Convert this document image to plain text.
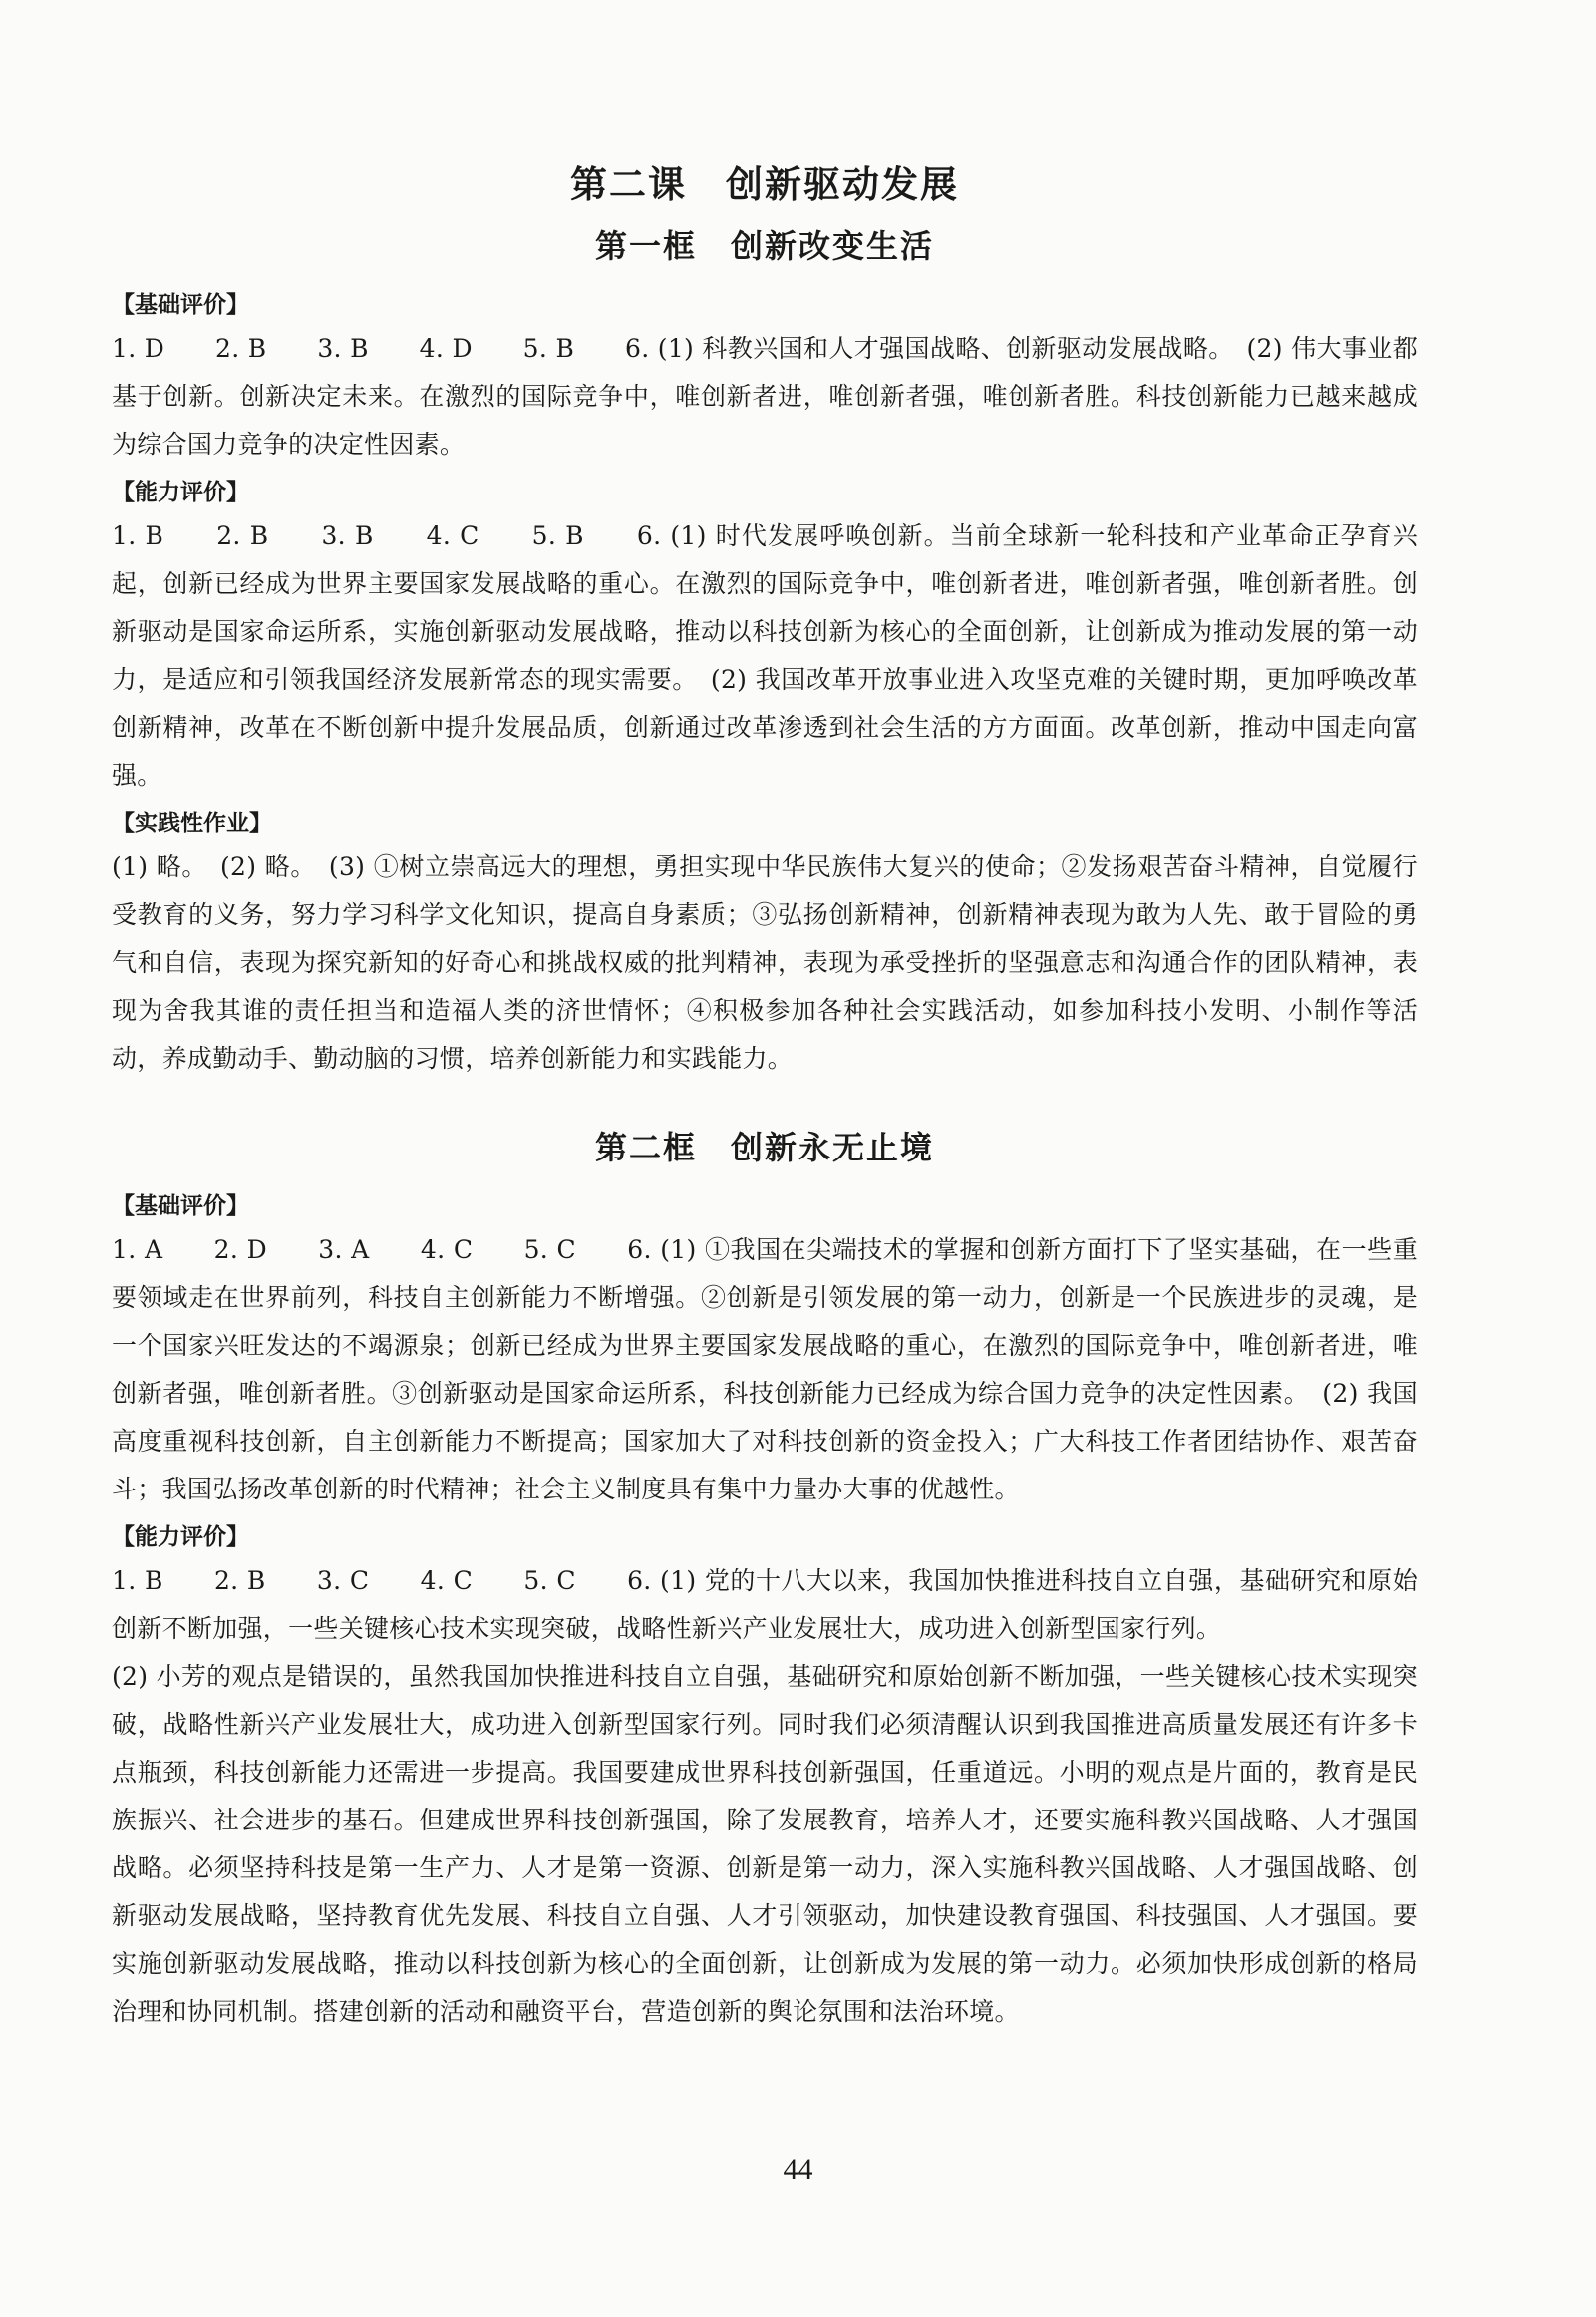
第二课　创新驱动发展
第一框　创新改变生活
【基础评价】

1. D　　2. B　　3. B　　4. D　　5. B　　6. (1) 科教兴国和人才强国战略、创新驱动发展战略。　(2) 伟大事业都基于创新。创新决定未来。在激烈的国际竞争中，唯创新者进，唯创新者强，唯创新者胜。科技创新能力已越来越成为综合国力竞争的决定性因素。

【能力评价】

1. B　　2. B　　3. B　　4. C　　5. B　　6. (1) 时代发展呼唤创新。当前全球新一轮科技和产业革命正孕育兴起，创新已经成为世界主要国家发展战略的重心。在激烈的国际竞争中，唯创新者进，唯创新者强，唯创新者胜。创新驱动是国家命运所系，实施创新驱动发展战略，推动以科技创新为核心的全面创新，让创新成为推动发展的第一动力，是适应和引领我国经济发展新常态的现实需要。　(2) 我国改革开放事业进入攻坚克难的关键时期，更加呼唤改革创新精神，改革在不断创新中提升发展品质，创新通过改革渗透到社会生活的方方面面。改革创新，推动中国走向富强。

【实践性作业】

(1) 略。　(2) 略。　(3) ①树立崇高远大的理想，勇担实现中华民族伟大复兴的使命；②发扬艰苦奋斗精神，自觉履行受教育的义务，努力学习科学文化知识，提高自身素质；③弘扬创新精神，创新精神表现为敢为人先、敢于冒险的勇气和自信，表现为探究新知的好奇心和挑战权威的批判精神，表现为承受挫折的坚强意志和沟通合作的团队精神，表现为舍我其谁的责任担当和造福人类的济世情怀；④积极参加各种社会实践活动，如参加科技小发明、小制作等活动，养成勤动手、勤动脑的习惯，培养创新能力和实践能力。

第二框　创新永无止境
【基础评价】

1. A　　2. D　　3. A　　4. C　　5. C　　6. (1) ①我国在尖端技术的掌握和创新方面打下了坚实基础，在一些重要领域走在世界前列，科技自主创新能力不断增强。②创新是引领发展的第一动力，创新是一个民族进步的灵魂，是一个国家兴旺发达的不竭源泉；创新已经成为世界主要国家发展战略的重心，在激烈的国际竞争中，唯创新者进，唯创新者强，唯创新者胜。③创新驱动是国家命运所系，科技创新能力已经成为综合国力竞争的决定性因素。　(2) 我国高度重视科技创新，自主创新能力不断提高；国家加大了对科技创新的资金投入；广大科技工作者团结协作、艰苦奋斗；我国弘扬改革创新的时代精神；社会主义制度具有集中力量办大事的优越性。

【能力评价】

1. B　　2. B　　3. C　　4. C　　5. C　　6. (1) 党的十八大以来，我国加快推进科技自立自强，基础研究和原始创新不断加强，一些关键核心技术实现突破，战略性新兴产业发展壮大，成功进入创新型国家行列。

(2) 小芳的观点是错误的，虽然我国加快推进科技自立自强，基础研究和原始创新不断加强，一些关键核心技术实现突破，战略性新兴产业发展壮大，成功进入创新型国家行列。同时我们必须清醒认识到我国推进高质量发展还有许多卡点瓶颈，科技创新能力还需进一步提高。我国要建成世界科技创新强国，任重道远。小明的观点是片面的，教育是民族振兴、社会进步的基石。但建成世界科技创新强国，除了发展教育，培养人才，还要实施科教兴国战略、人才强国战略。必须坚持科技是第一生产力、人才是第一资源、创新是第一动力，深入实施科教兴国战略、人才强国战略、创新驱动发展战略，坚持教育优先发展、科技自立自强、人才引领驱动，加快建设教育强国、科技强国、人才强国。要实施创新驱动发展战略，推动以科技创新为核心的全面创新，让创新成为发展的第一动力。必须加快形成创新的格局治理和协同机制。搭建创新的活动和融资平台，营造创新的舆论氛围和法治环境。

44
